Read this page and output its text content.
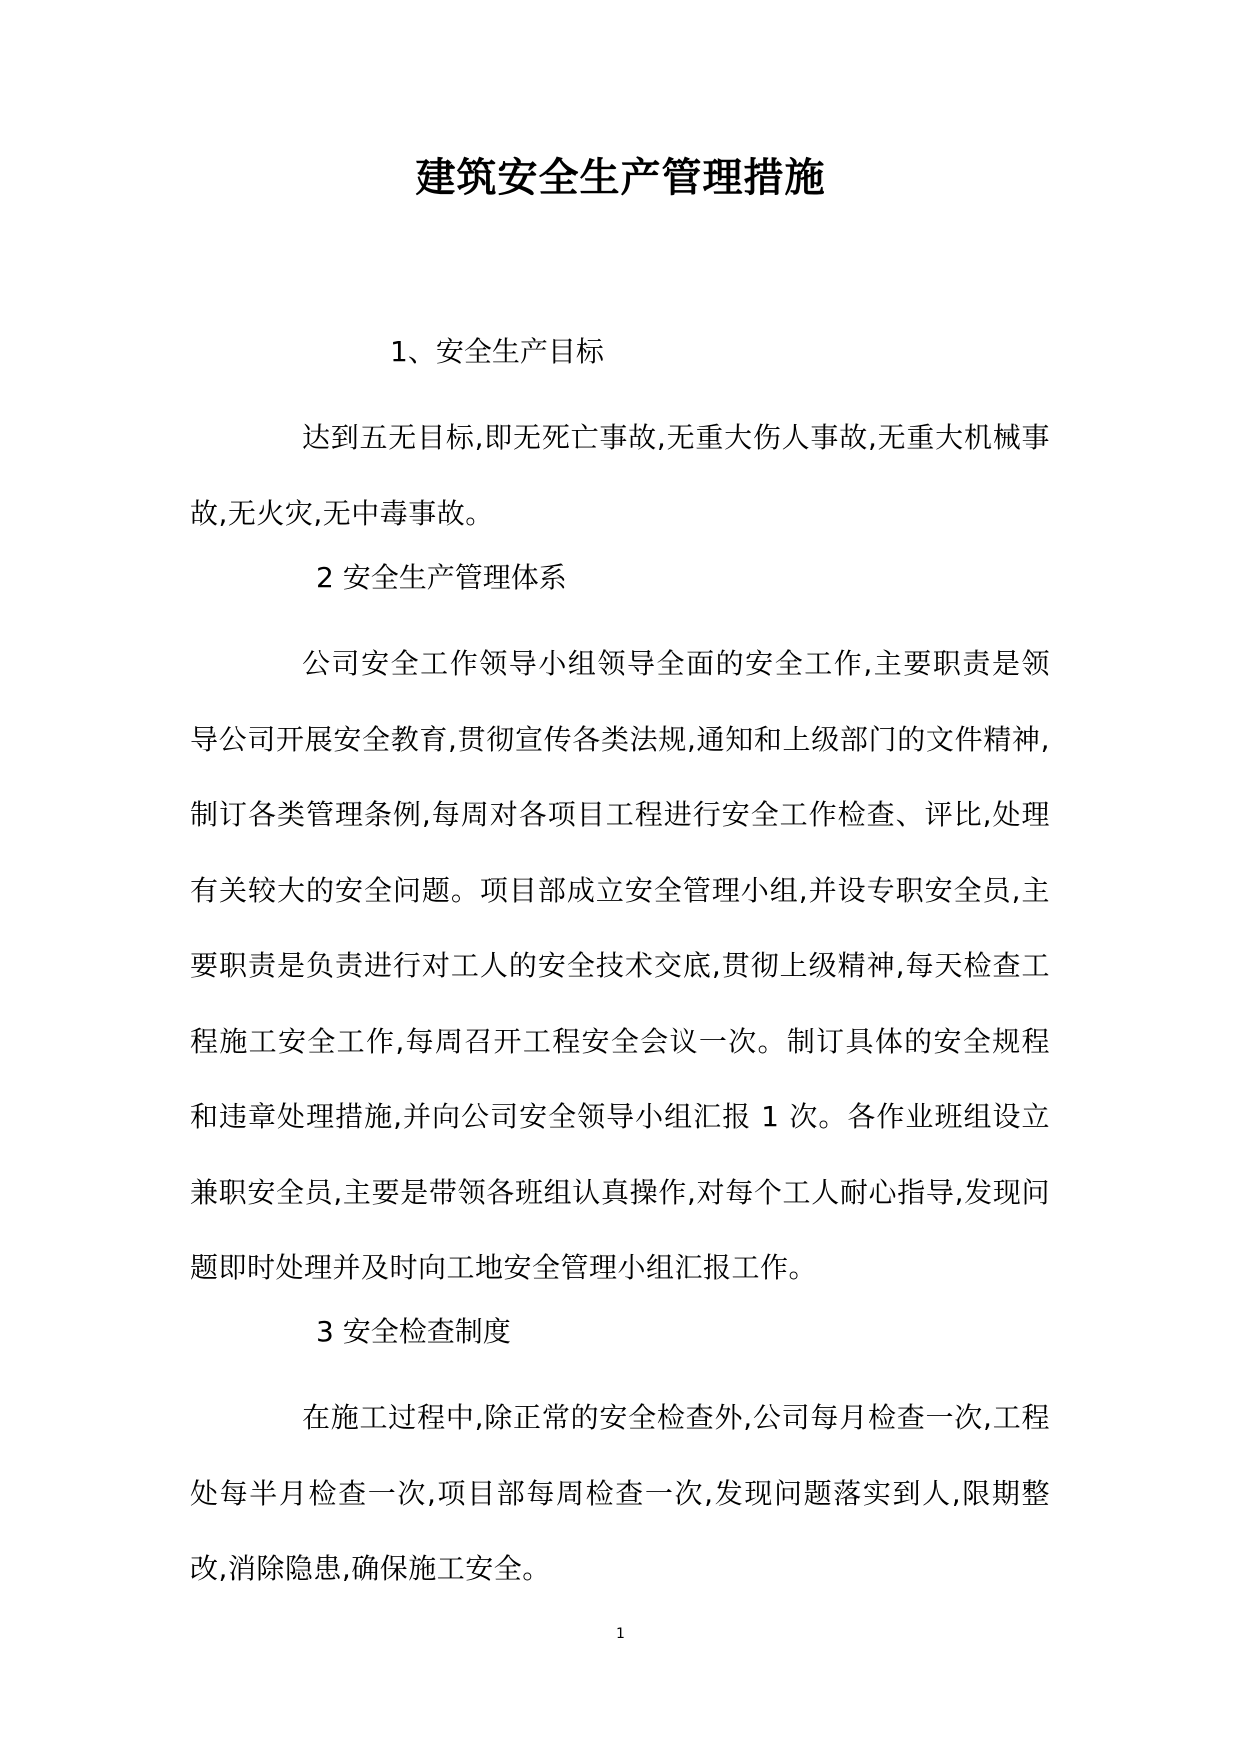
建筑安全生产管理措施
1、安全生产目标
达到五无目标,即无死亡事故,无重大伤人事故,无重大机械事故,无火灾,无中毒事故。
2 安全生产管理体系
公司安全工作领导小组领导全面的安全工作,主要职责是领导公司开展安全教育,贯彻宣传各类法规,通知和上级部门的文件精神,制订各类管理条例,每周对各项目工程进行安全工作检查、评比,处理有关较大的安全问题。项目部成立安全管理小组,并设专职安全员,主要职责是负责进行对工人的安全技术交底,贯彻上级精神,每天检查工程施工安全工作,每周召开工程安全会议一次。制订具体的安全规程和违章处理措施,并向公司安全领导小组汇报 1 次。各作业班组设立兼职安全员,主要是带领各班组认真操作,对每个工人耐心指导,发现问题即时处理并及时向工地安全管理小组汇报工作。
3 安全检查制度
在施工过程中,除正常的安全检查外,公司每月检查一次,工程处每半月检查一次,项目部每周检查一次,发现问题落实到人,限期整改,消除隐患,确保施工安全。
1
